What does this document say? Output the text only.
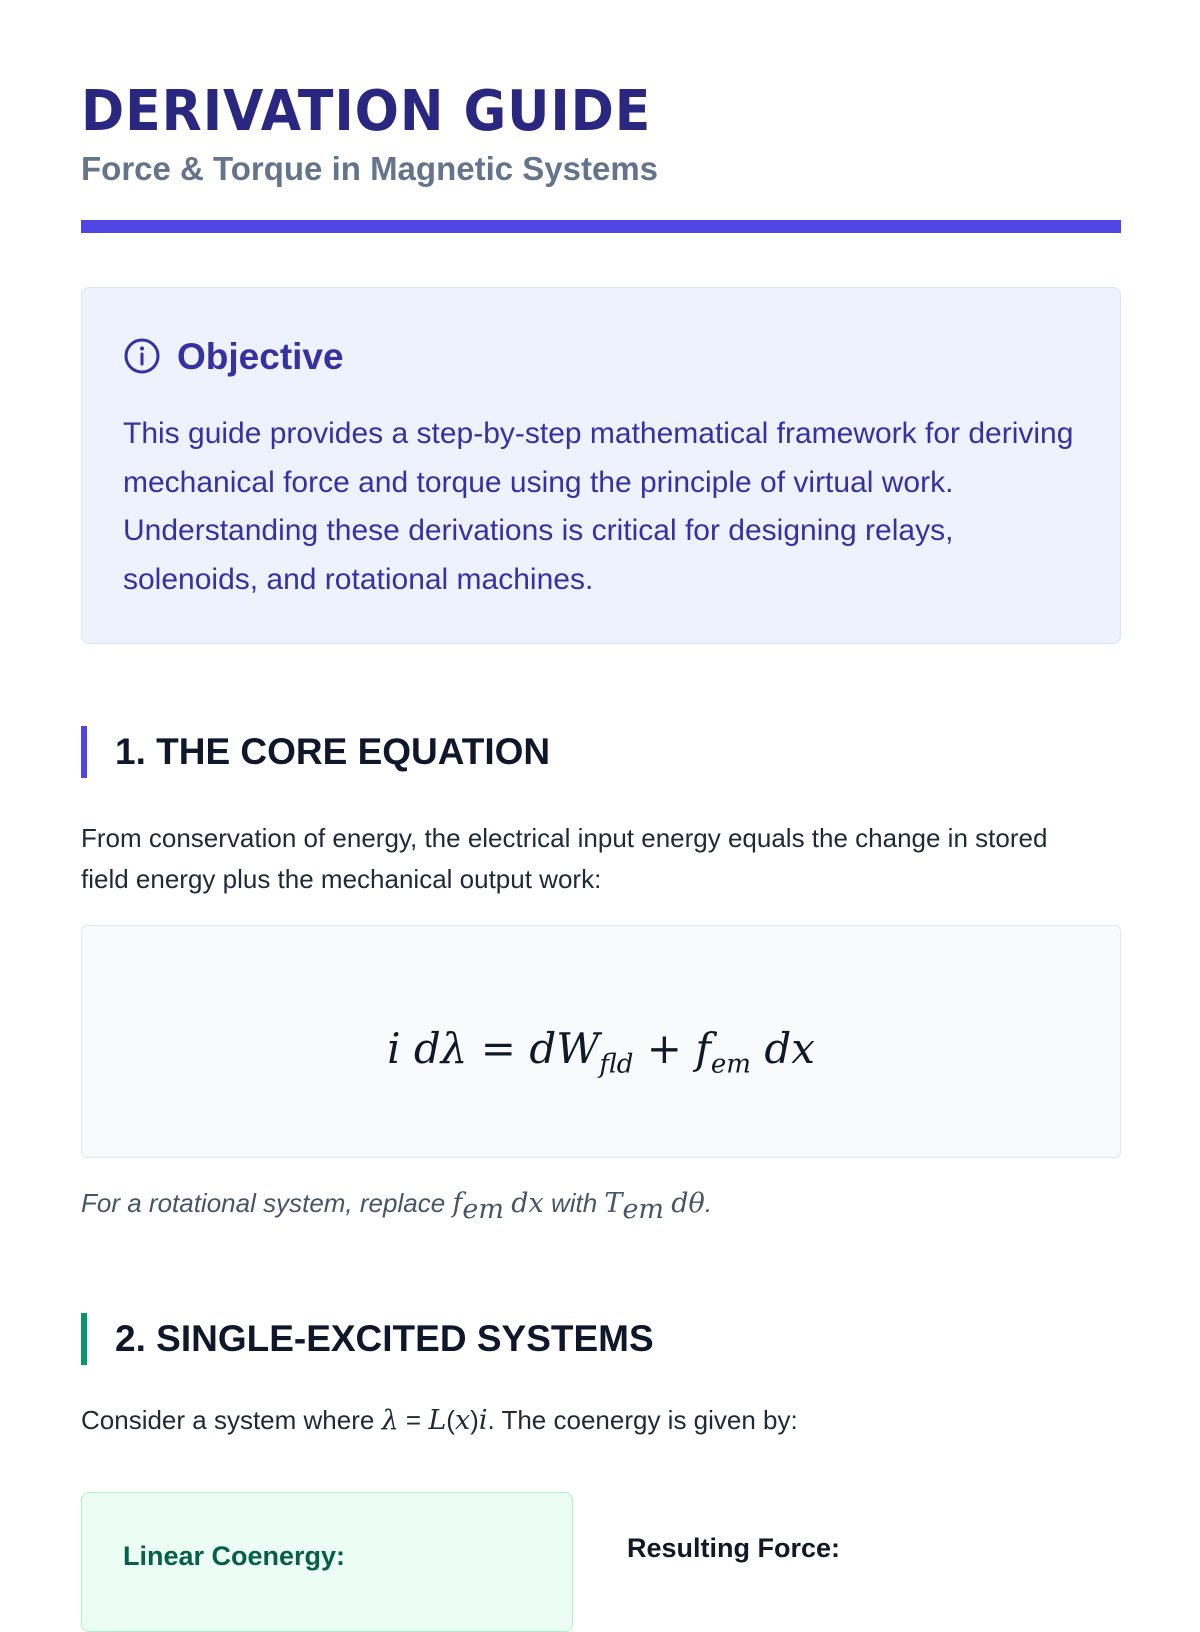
DERIVATION GUIDE
Force & Torque in Magnetic Systems
Objective

This guide provides a step-by-step mathematical framework for deriving mechanical force and torque using the principle of virtual work. Understanding these derivations is critical for designing relays, solenoids, and rotational machines.

1. THE CORE EQUATION

From conservation of energy, the electrical input energy equals the change in stored field energy plus the mechanical output work:

i $d\lambda = dW_{fld} + f_{em}$ dx
For a rotational system, replace $f_{em}$ dx with $T_{em}$ dθ.
2. SINGLE-EXCITED SYSTEMS

Consider a system where λ = L(x)i. The coenergy is given by:

Linear Coenergy:	Resulting Force:
